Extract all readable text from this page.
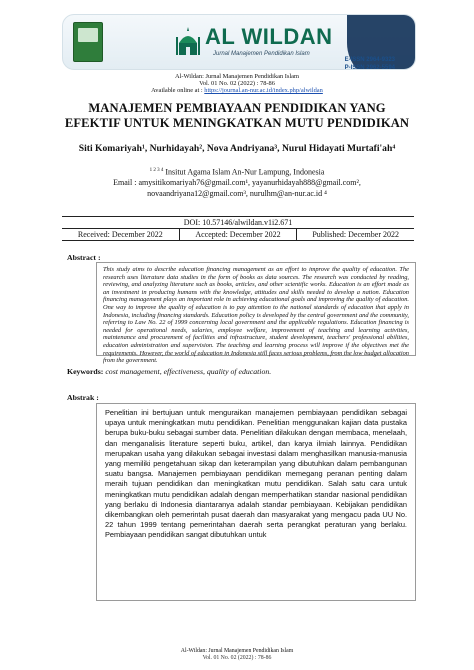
AL WILDAN
Jurnal Manajemen Pendidikan Islam
E-ISSN 2964-9323
P-ISSN 2962-5594
Al-Wildan: Jurnal Manajemen Pendidikan Islam
Vol. 01 No. 02 (2022) : 78-86
Available online at : https://journal.an-nur.ac.id/index.php/alwildan
MANAJEMEN PEMBIAYAAN PENDIDIKAN YANG
EFEKTIF UNTUK MENINGKATKAN MUTU PENDIDIKAN
Siti Komariyah¹, Nurhidayah², Nova Andriyana³, Nurul Hidayati Murtafi'ah⁴
$^{1 2 3 4}$ Insitut Agama Islam An-Nur Lampung, Indonesia
Email : amysitikomariyah76@gmail.com¹, yayanurhidayah888@gmail.com²,
novaandriyana12@gmail.com³, nurulhm@an-nur.ac.id ⁴
DOI: 10.57146/alwildan.v1i2.671
Received: December 2022	Accepted: December 2022	Published: December 2022
Abstract :
This study aims to describe education financing management as an effort to improve the quality of education. The research uses literature data studies in the form of books as data sources. The research was conducted by reading, reviewing, and analyzing literature such as books, articles, and other scientific works. Education is an effort made as an investment in producing humans with the knowledge, attitudes and skills needed to develop a nation. Education financing management plays an important role in achieving educational goals and improving the quality of education. One way to improve the quality of education is to pay attention to the national standards of education that apply in Indonesia, including financing standards. Education policy is developed by the central government and the community, referring to Law No. 22 of 1999 concerning local government and the applicable regulations. Education financing is needed for operational needs, salaries, employee welfare, improvement of teaching and learning activities, maintenance and procurement of facilities and infrastructure, student development, teachers' professional abilities, education administration and supervision. The teaching and learning process will improve if the objectives met the requirements. However, the world of education in Indonesia still faces serious problems, from the low budget allocation from the government.
Keywords: cost management, effectiveness, quality of education.
Abstrak :
Penelitian ini bertujuan untuk menguraikan manajemen pembiayaan pendidikan sebagai upaya untuk meningkatkan mutu pendidikan. Penelitian menggunakan kajian data pustaka berupa buku-buku sebagai sumber data. Penelitian dilakukan dengan membaca, menelaah, dan menganalisis literature seperti buku, artikel, dan karya ilmiah lainnya. Pendidikan merupakan usaha yang dilakukan sebagai investasi dalam menghasilkan manusia-manusia yang memiliki pengetahuan sikap dan keterampilan yang dibutuhkan dalam pembangunan suatu bangsa. Manajemen pembiayaan pendidikan memegang peranan penting dalam meraih tujuan pendidikan dan meningkatkan mutu pendidikan. Salah satu cara untuk meningkatkan mutu pendidikan adalah dengan memperhatikan standar nasional pendidikan yang berlaku di Indonesia diantaranya adalah standar pembiayaan. Kebijakan pendidikan dikembangkan oleh pemerintah pusat daerah dan masyarakat yang mengacu pada UU No. 22 tahun 1999 tentang pemerintahan daerah serta perangkat peraturan yang berlaku. Pembiayaan pendidikan sangat dibutuhkan untuk
Al-Wildan: Jurnal Manajemen Pendidikan Islam
Vol. 01 No. 02 (2022) : 78-86
